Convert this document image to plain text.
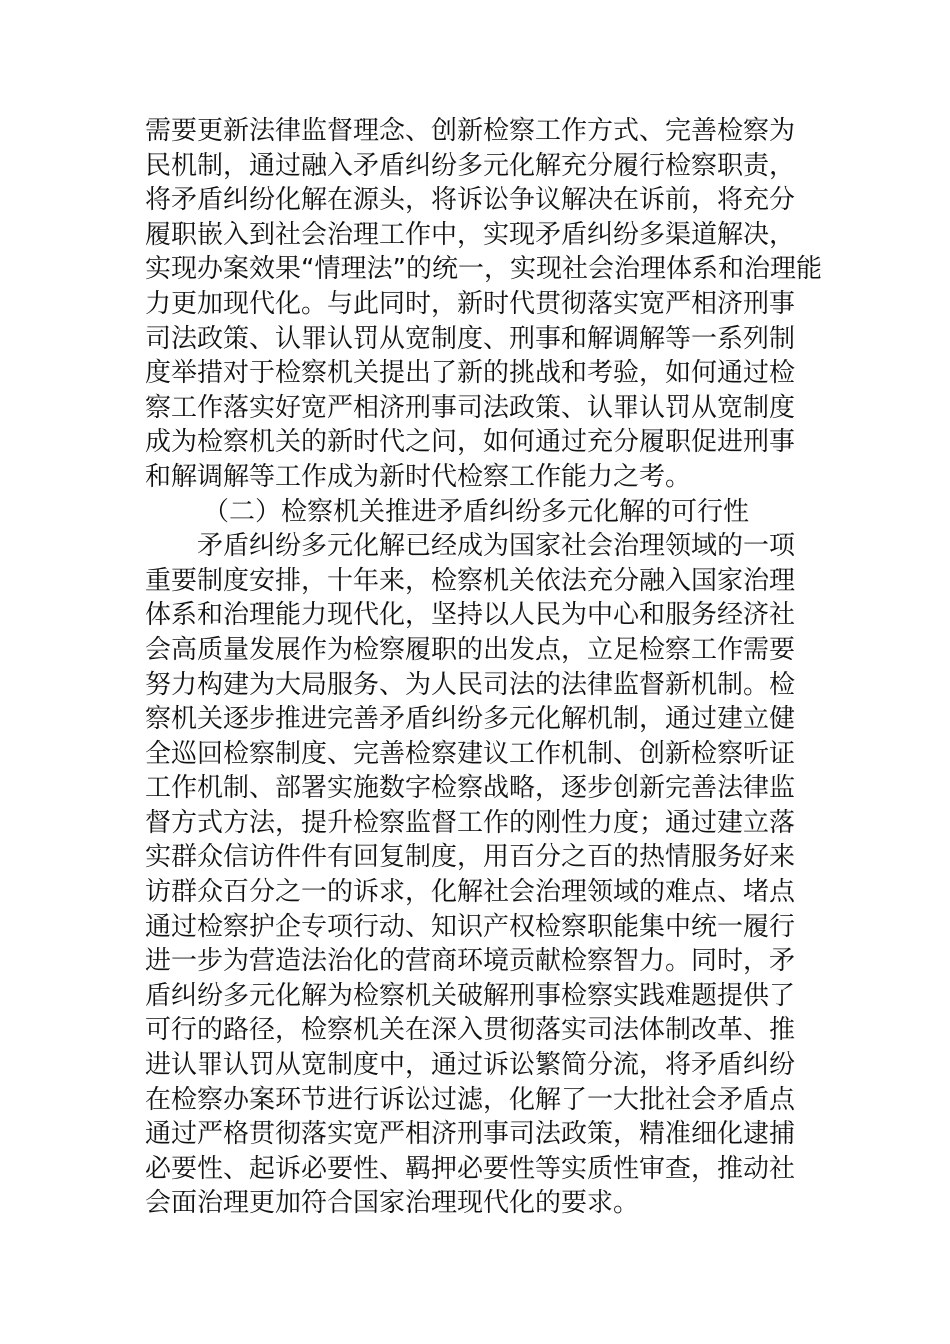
需要更新法律监督理念、创新检察工作方式、完善检察为
民机制，通过融入矛盾纠纷多元化解充分履行检察职责，
将矛盾纠纷化解在源头，将诉讼争议解决在诉前，将充分
履职嵌入到社会治理工作中，实现矛盾纠纷多渠道解决，
实现办案效果“情理法”的统一，实现社会治理体系和治理能
力更加现代化。与此同时，新时代贯彻落实宽严相济刑事
司法政策、认罪认罚从宽制度、刑事和解调解等一系列制
度举措对于检察机关提出了新的挑战和考验，如何通过检
察工作落实好宽严相济刑事司法政策、认罪认罚从宽制度
成为检察机关的新时代之问，如何通过充分履职促进刑事
和解调解等工作成为新时代检察工作能力之考。
（二）检察机关推进矛盾纠纷多元化解的可行性
矛盾纠纷多元化解已经成为国家社会治理领域的一项
重要制度安排，十年来，检察机关依法充分融入国家治理
体系和治理能力现代化，坚持以人民为中心和服务经济社
会高质量发展作为检察履职的出发点，立足检察工作需要
努力构建为大局服务、为人民司法的法律监督新机制。检
察机关逐步推进完善矛盾纠纷多元化解机制，通过建立健
全巡回检察制度、完善检察建议工作机制、创新检察听证
工作机制、部署实施数字检察战略，逐步创新完善法律监
督方式方法，提升检察监督工作的刚性力度；通过建立落
实群众信访件件有回复制度，用百分之百的热情服务好来
访群众百分之一的诉求，化解社会治理领域的难点、堵点
通过检察护企专项行动、知识产权检察职能集中统一履行
进一步为营造法治化的营商环境贡献检察智力。同时，矛
盾纠纷多元化解为检察机关破解刑事检察实践难题提供了
可行的路径，检察机关在深入贯彻落实司法体制改革、推
进认罪认罚从宽制度中，通过诉讼繁简分流，将矛盾纠纷
在检察办案环节进行诉讼过滤，化解了一大批社会矛盾点
通过严格贯彻落实宽严相济刑事司法政策，精准细化逮捕
必要性、起诉必要性、羁押必要性等实质性审查，推动社
会面治理更加符合国家治理现代化的要求。
